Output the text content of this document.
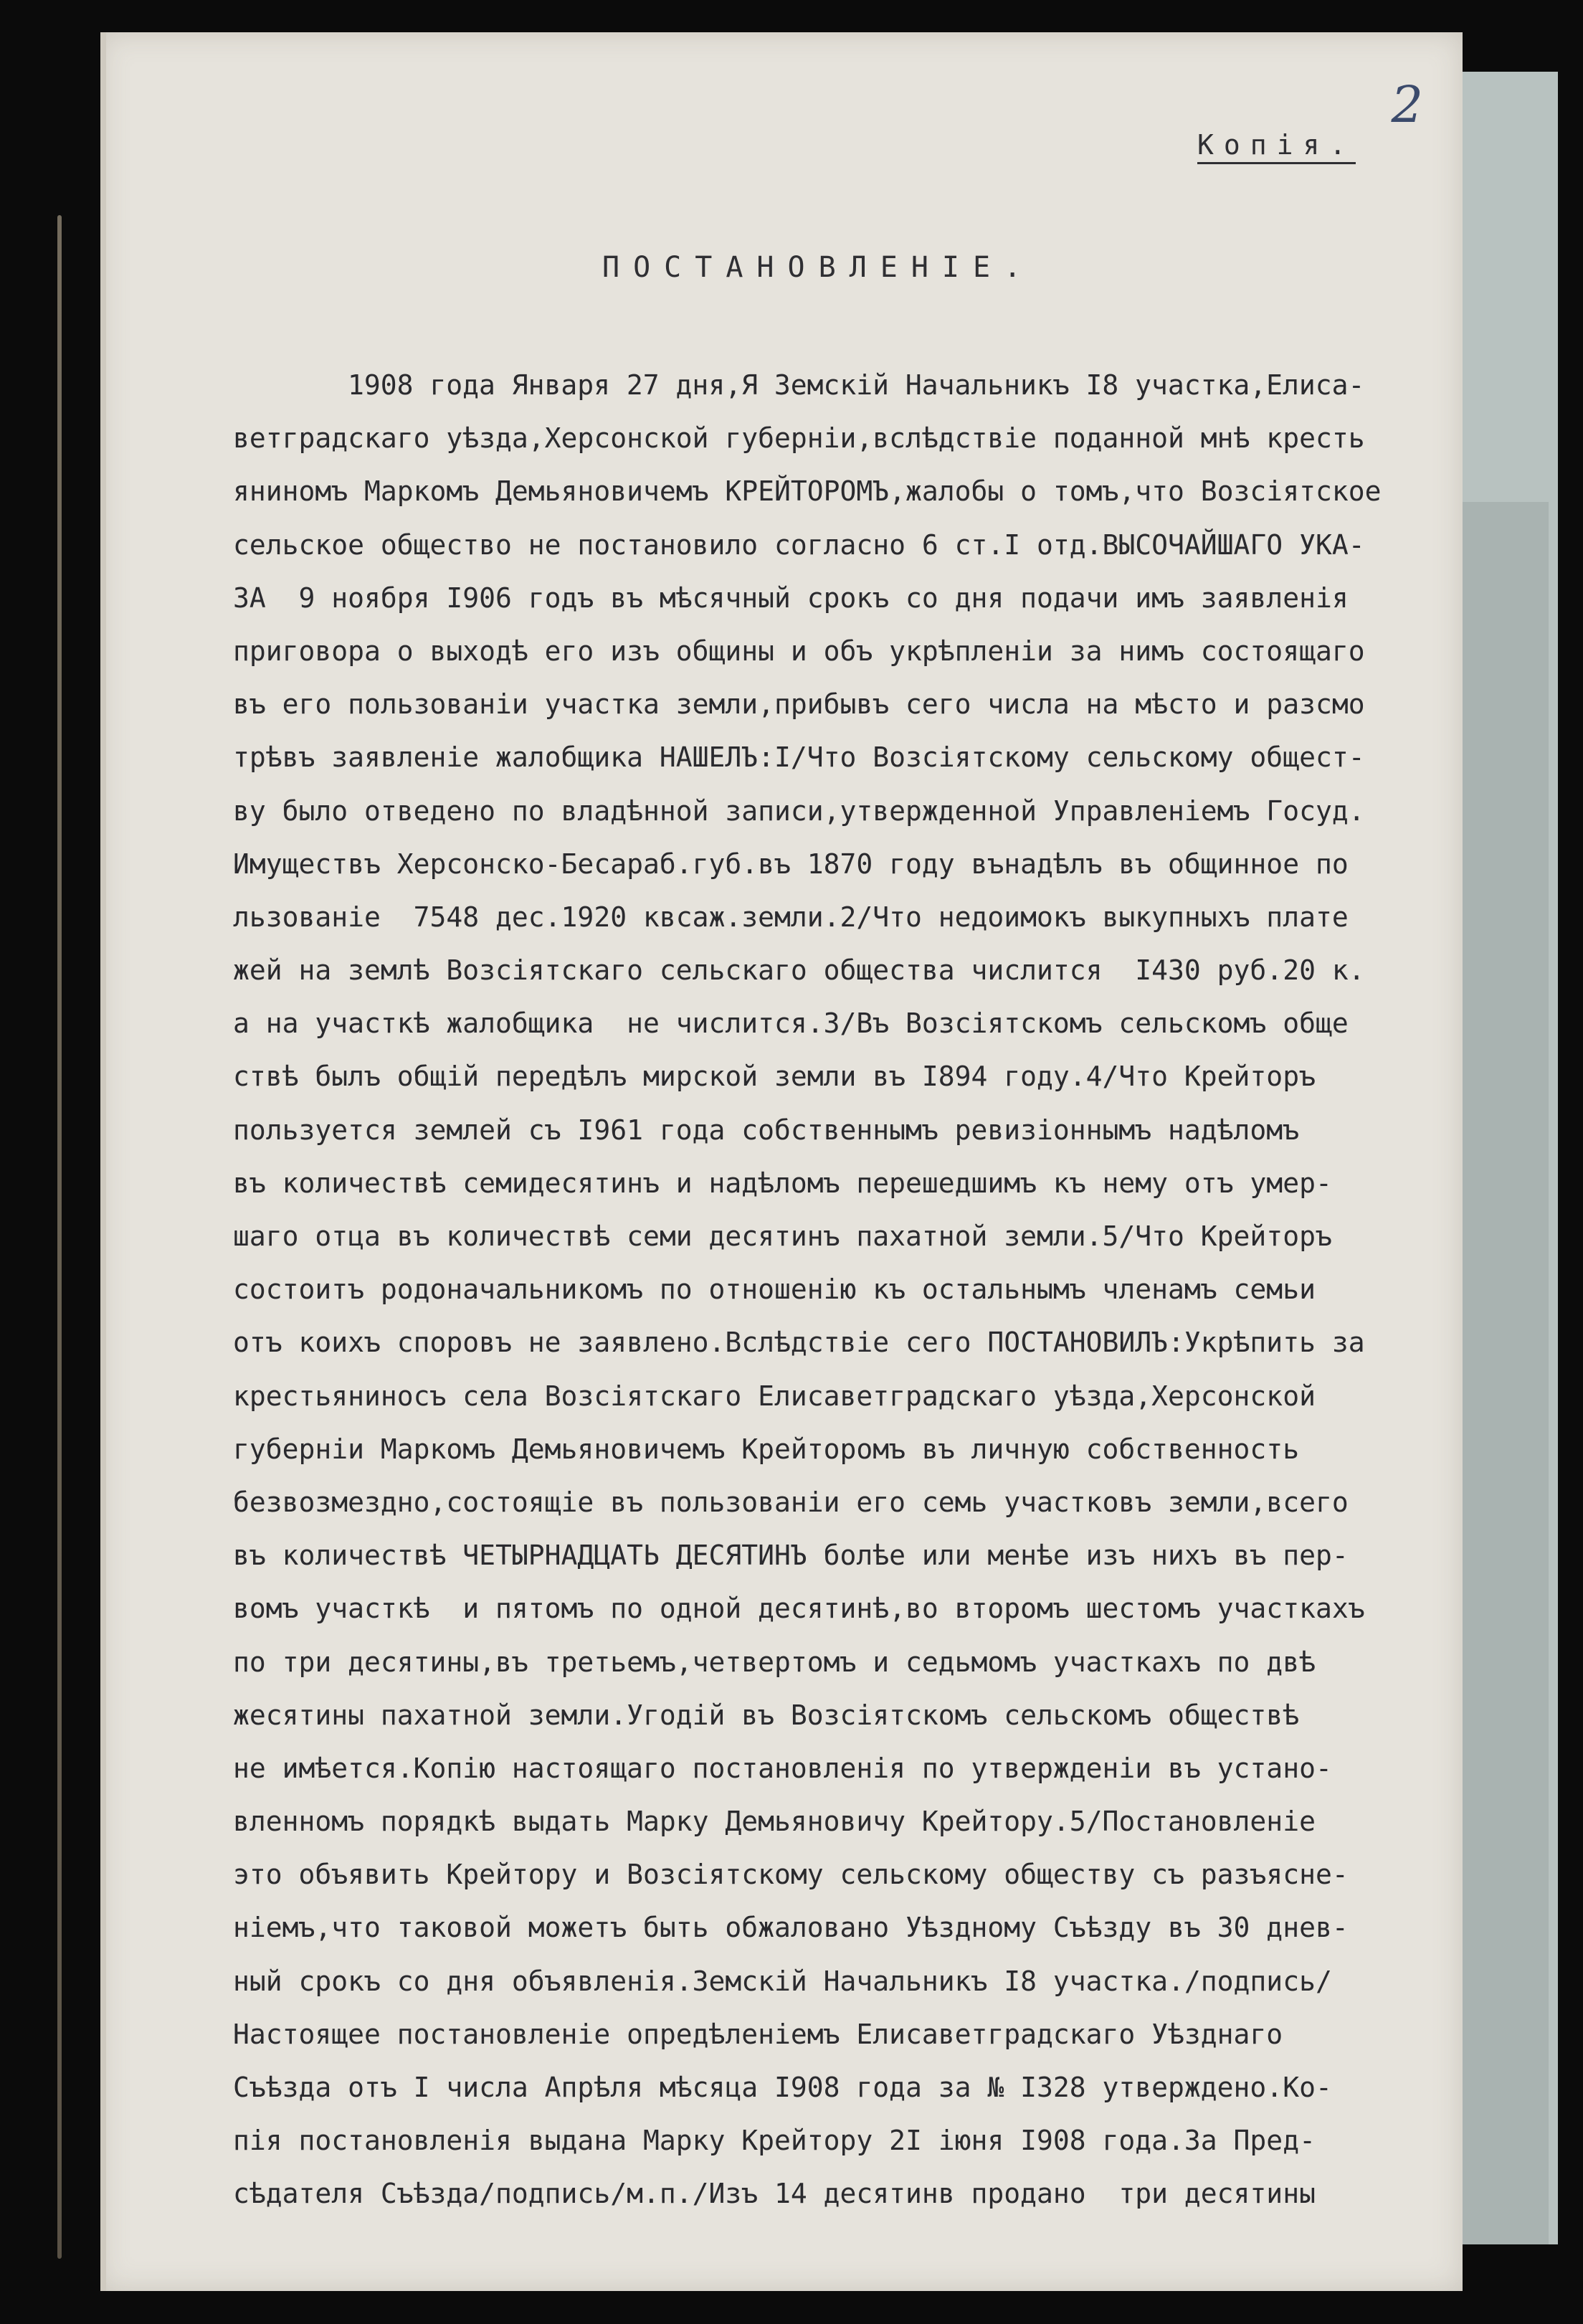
2
Копія.
ПОСТАНОВЛЕНІЕ.
1908 года Января 27 дня,Я Земскій Начальникъ I8 участка,Елиса-
ветградскаго уѣзда,Херсонской губерніи,вслѣдствіе поданной мнѣ кресть
яниномъ Маркомъ Демьяновичемъ КРЕЙТОРОМЪ,жалобы о томъ,что Возсіятское
сельское общество не постановило согласно 6 ст.I отд.ВЫСОЧАЙШАГО УКА-
ЗА  9 ноября I906 годъ въ мѣсячный срокъ со дня подачи имъ заявленія
приговора о выходѣ его изъ общины и объ укрѣпленіи за нимъ состоящаго
въ его пользованіи участка земли,прибывъ сего числа на мѣсто и разсмо
трѣвъ заявленіе жалобщика НАШЕЛЪ:I/Что Возсіятскому сельскому общест-
ву было отведено по владѣнной записи,утвержденной Управленіемъ Госуд.
Имуществъ Херсонско-Бесараб.губ.въ 1870 году вънадѣлъ въ общинное по
льзованіе  7548 дес.1920 квсаж.земли.2/Что недоимокъ выкупныхъ плате
жей на землѣ Возсіятскаго сельскаго общества числится  I430 руб.20 к.
а на участкѣ жалобщика  не числится.3/Въ Возсіятскомъ сельскомъ обще
ствѣ былъ общій передѣлъ мирской земли въ I894 году.4/Что Крейторъ
пользуется землей съ I961 года собственнымъ ревизіоннымъ надѣломъ
въ количествѣ семидесятинъ и надѣломъ перешедшимъ къ нему отъ умер-
шаго отца въ количествѣ семи десятинъ пахатной земли.5/Что Крейторъ
состоитъ родоначальникомъ по отношенію къ остальнымъ членамъ семьи
отъ коихъ споровъ не заявлено.Вслѣдствіе сего ПОСТАНОВИЛЪ:Укрѣпить за
крестьяниносъ села Возсіятскаго Елисаветградскаго уѣзда,Херсонской
губерніи Маркомъ Демьяновичемъ Крейторомъ въ личную собственность
безвозмездно,состоящіе въ пользованіи его семь участковъ земли,всего
въ количествѣ ЧЕТЫРНАДЦАТЬ ДЕСЯТИНЪ болѣе или менѣе изъ нихъ въ пер-
вомъ участкѣ  и пятомъ по одной десятинѣ,во второмъ шестомъ участкахъ
по три десятины,въ третьемъ,четвертомъ и седьмомъ участкахъ по двѣ
жесятины пахатной земли.Угодій въ Возсіятскомъ сельскомъ обществѣ
не имѣется.Копію настоящаго постановленія по утвержденіи въ устано-
вленномъ порядкѣ выдать Марку Демьяновичу Крейтору.5/Постановленіе
это объявить Крейтору и Возсіятскому сельскому обществу съ разъясне-
ніемъ,что таковой можетъ быть обжаловано Уѣздному Съѣзду въ 30 днев-
ный срокъ со дня объявленія.Земскій Начальникъ I8 участка./подпись/
Настоящее постановленіе опредѣленіемъ Елисаветградскаго Уѣзднаго
Съѣзда отъ I числа Апрѣля мѣсяца I908 года за № I328 утверждено.Ко-
пія постановленія выдана Марку Крейтору 2I іюня I908 года.За Пред-
сѣдателя Съѣзда/подпись/м.п./Изъ 14 десятинв продано  три десятины
